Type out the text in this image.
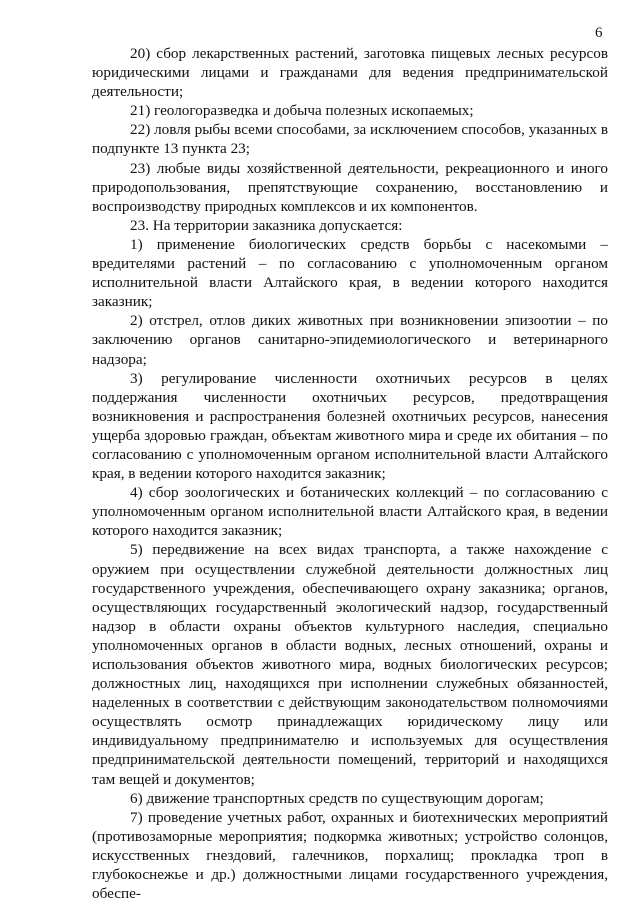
6

20) сбор лекарственных растений, заготовка пищевых лесных ресурсов юридическими лицами и гражданами для ведения предпринимательской деятельности;

21) геологоразведка и добыча полезных ископаемых;

22) ловля рыбы всеми способами, за исключением способов, указанных в подпункте 13 пункта 23;

23) любые виды хозяйственной деятельности, рекреационного и иного природопользования, препятствующие сохранению, восстановлению и воспроизводству природных комплексов и их компонентов.

23. На территории заказника допускается:

1) применение биологических средств борьбы с насекомыми – вредителями растений – по согласованию с уполномоченным органом исполнительной власти Алтайского края, в ведении которого находится заказник;

2) отстрел, отлов диких животных при возникновении эпизоотии – по заключению органов санитарно-эпидемиологического и ветеринарного надзора;

3) регулирование численности охотничьих ресурсов в целях поддержания численности охотничьих ресурсов, предотвращения возникновения и распространения болезней охотничьих ресурсов, нанесения ущерба здоровью граждан, объектам животного мира и среде их обитания – по согласованию с уполномоченным органом исполнительной власти Алтайского края, в ведении которого находится заказник;

4) сбор зоологических и ботанических коллекций – по согласованию с уполномоченным органом исполнительной власти Алтайского края, в ведении которого находится заказник;

5) передвижение на всех видах транспорта, а также нахождение с оружием при осуществлении служебной деятельности должностных лиц государственного учреждения, обеспечивающего охрану заказника; органов, осуществляющих государственный экологический надзор, государственный надзор в области охраны объектов культурного наследия, специально уполномоченных органов в области водных, лесных отношений, охраны и использования объектов животного мира, водных биологических ресурсов; должностных лиц, находящихся при исполнении служебных обязанностей, наделенных в соответствии с действующим законодательством полномочиями осуществлять осмотр принадлежащих юридическому лицу или индивидуальному предпринимателю и используемых для осуществления предпринимательской деятельности помещений, территорий и находящихся там вещей и документов;

6) движение транспортных средств по существующим дорогам;

7) проведение учетных работ, охранных и биотехнических мероприятий (противозаморные мероприятия; подкормка животных; устройство солонцов, искусственных гнездовий, галечников, порхалищ; прокладка троп в глубокоснежье и др.) должностными лицами государственного учреждения, обеспе-
